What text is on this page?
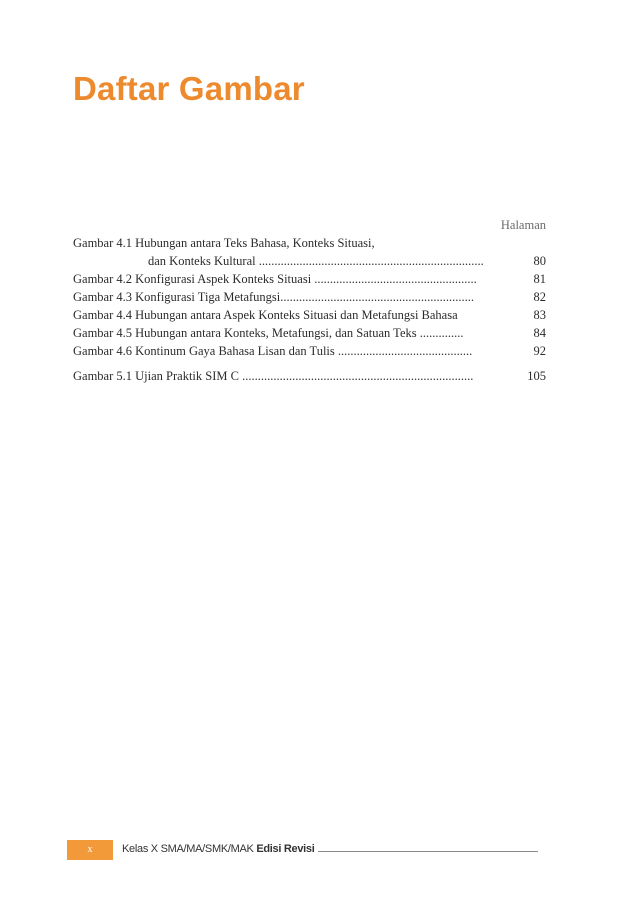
Daftar Gambar
Halaman
Gambar 4.1 Hubungan antara Teks Bahasa, Konteks Situasi,
dan Konteks Kultural ........................................................................	80
Gambar 4.2 Konfigurasi Aspek Konteks Situasi ....................................................	81
Gambar 4.3 Konfigurasi Tiga Metafungsi..............................................................	82
Gambar 4.4 Hubungan antara Aspek Konteks Situasi dan Metafungsi Bahasa	83
Gambar 4.5 Hubungan antara Konteks, Metafungsi, dan Satuan Teks ..............	84
Gambar 4.6 Kontinum Gaya Bahasa Lisan dan Tulis ...........................................	92
Gambar 5.1 Ujian Praktik SIM C ..........................................................................	105
x	Kelas X SMA/MA/SMK/MAK Edisi Revisi
